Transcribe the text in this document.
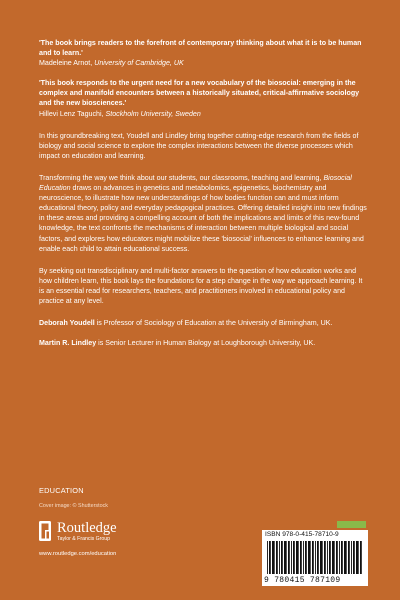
'The book brings readers to the forefront of contemporary thinking about what it is to be human and to learn.'

Madeleine Arnot, University of Cambridge, UK

'This book responds to the urgent need for a new vocabulary of the biosocial: emerging in the complex and manifold encounters between a historically situated, critical-affirmative sociology and the new biosciences.'

Hillevi Lenz Taguchi, Stockholm University, Sweden

In this groundbreaking text, Youdell and Lindley bring together cutting-edge research from the fields of biology and social science to explore the complex interactions between the diverse processes which impact on education and learning.

Transforming the way we think about our students, our classrooms, teaching and learning, Biosocial Education draws on advances in genetics and metabolomics, epigenetics, biochemistry and neuroscience, to illustrate how new understandings of how bodies function can and must inform educational theory, policy and everyday pedagogical practices. Offering detailed insight into new findings in these areas and providing a compelling account of both the implications and limits of this new-found knowledge, the text confronts the mechanisms of interaction between multiple biological and social factors, and explores how educators might mobilize these 'biosocial' influences to enhance learning and enable each child to attain educational success.

By seeking out transdisciplinary and multi-factor answers to the question of how education works and how children learn, this book lays the foundations for a step change in the way we approach learning. It is an essential read for researchers, teachers, and practitioners involved in educational policy and practice at any level.

Deborah Youdell is Professor of Sociology of Education at the University of Birmingham, UK.

Martin R. Lindley is Senior Lecturer in Human Biology at Loughborough University, UK.

EDUCATION
Cover image: © Shutterstock
Routledge
Taylor & Francis Group
www.routledge.com/education
ISBN 978-0-415-78710-9
9 780415 787109
